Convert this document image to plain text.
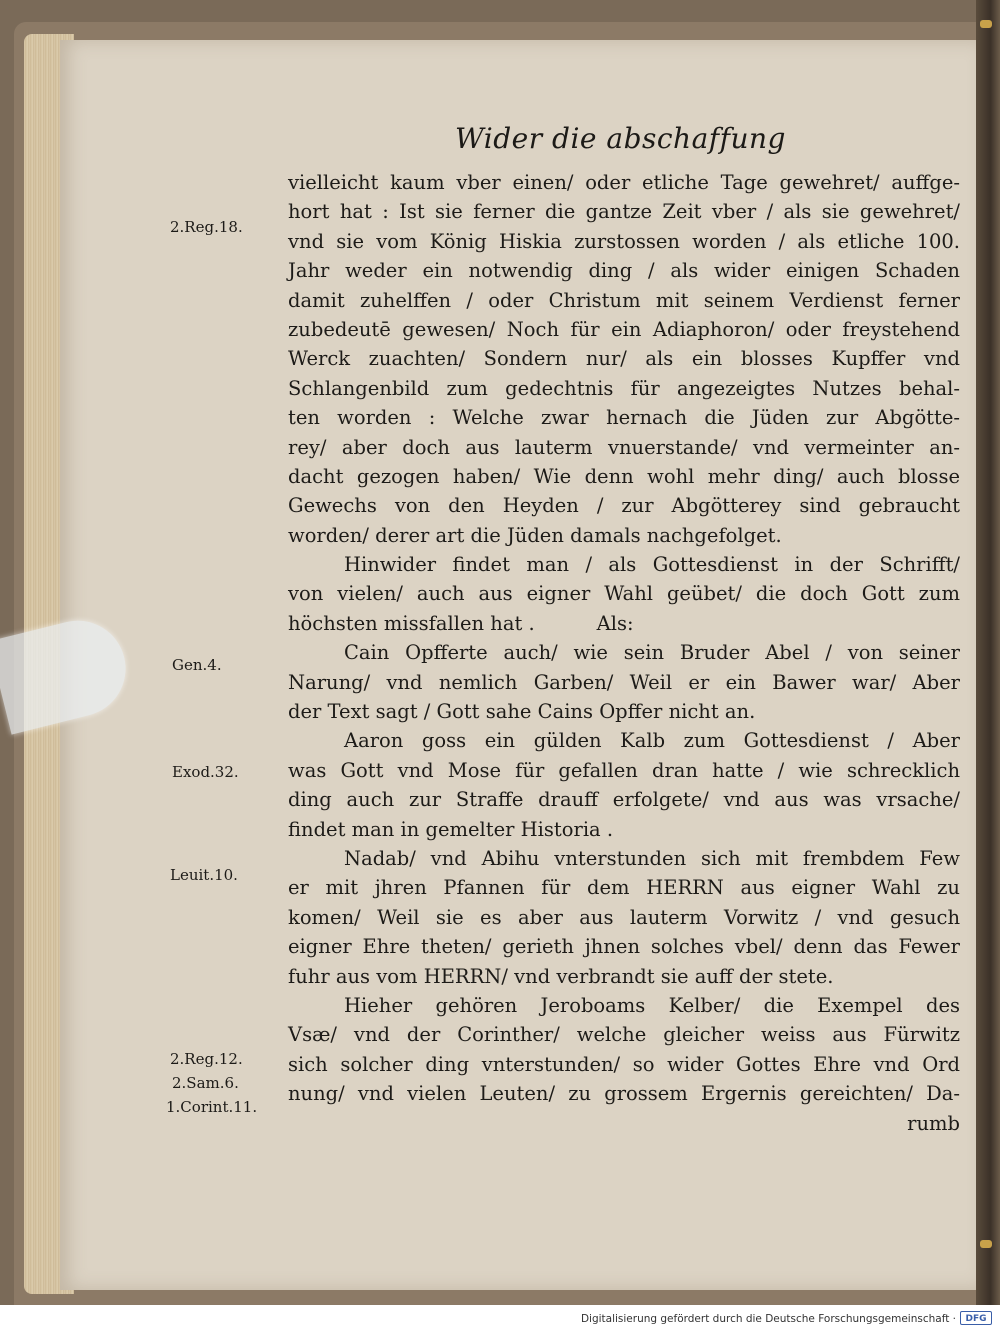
Wider die abschaffung
2.Reg.18.
Gen.4.
Exod.32.
Leuit.10.
2.Reg.12.
2.Sam.6.
1.Corint.11.
vielleicht kaum vber einen/ oder etliche Tage gewehret/ auffge-
hort hat : Ist sie ferner die gantze Zeit vber / als sie gewehret/
vnd sie vom König Hiskia zurstossen worden / als etliche 100.
Jahr weder ein notwendig ding / als wider einigen Schaden
damit zuhelffen / oder Christum mit seinem Verdienst ferner
zubedeutē gewesen/ Noch für ein Adiaphoron/ oder freystehend
Werck zuachten/ Sondern nur/ als ein blosses Kupffer vnd
Schlangenbild zum gedechtnis für angezeigtes Nutzes behal-
ten worden : Welche zwar hernach die Jüden zur Abgötte-
rey/ aber doch aus lauterm vnuerstande/ vnd vermeinter an-
dacht gezogen haben/ Wie denn wohl mehr ding/ auch blosse
Gewechs von den Heyden / zur Abgötterey sind gebraucht
worden/ derer art die Jüden damals nachgefolget.
Hinwider findet man / als Gottesdienst in der Schrifft/
von vielen/ auch aus eigner Wahl geübet/ die doch Gott zum
höchsten missfallen hat .          Als:
Cain Opfferte auch/ wie sein Bruder Abel / von seiner
Narung/ vnd nemlich Garben/ Weil er ein Bawer war/ Aber
der Text sagt / Gott sahe Cains Opffer nicht an.
Aaron goss ein gülden Kalb zum Gottesdienst / Aber
was Gott vnd Mose für gefallen dran hatte / wie schrecklich
ding auch zur Straffe drauff erfolgete/ vnd aus was vrsache/
findet man in gemelter Historia .
Nadab/ vnd Abihu vnterstunden sich mit frembdem Few
er mit jhren Pfannen für dem HERRN aus eigner Wahl zu
komen/ Weil sie es aber aus lauterm Vorwitz / vnd gesuch
eigner Ehre theten/ gerieth jhnen solches vbel/ denn das Fewer
fuhr aus vom HERRN/ vnd verbrandt sie auff der stete.
Hieher gehören Jeroboams Kelber/ die Exempel des
Vsæ/ vnd der Corinther/ welche gleicher weiss aus Fürwitz
sich solcher ding vnterstunden/ so wider Gottes Ehre vnd Ord
nung/ vnd vielen Leuten/ zu grossem Ergernis gereichten/ Da-
rumb
Digitalisierung gefördert durch die Deutsche Forschungsgemeinschaft ·	DFG
